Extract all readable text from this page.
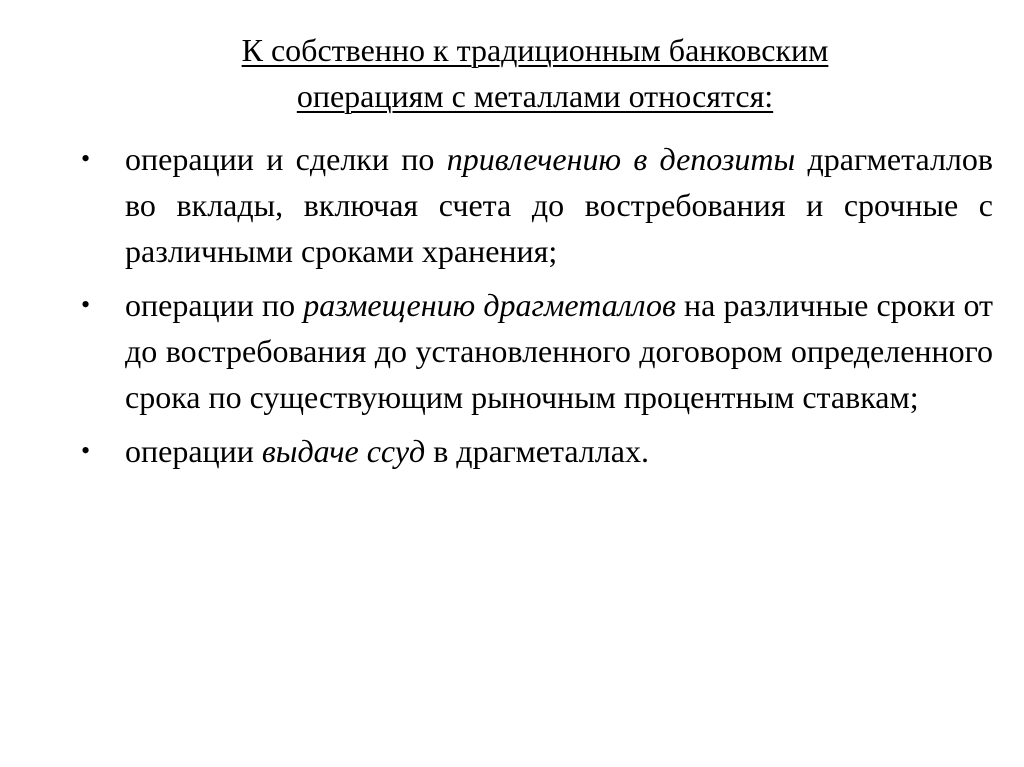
К собственно к традиционным банковским
операциям с металлами относятся:
•	операции и сделки по привлечению в депозиты драгметаллов во вклады, включая счета до востребования и срочные с различными сроками хранения;
•	операции по размещению драгметаллов на различные сроки от до востребования до установленного договором определенного срока по существующим рыночным процентным ставкам;
•	операции выдаче ссуд в драгметаллах.
